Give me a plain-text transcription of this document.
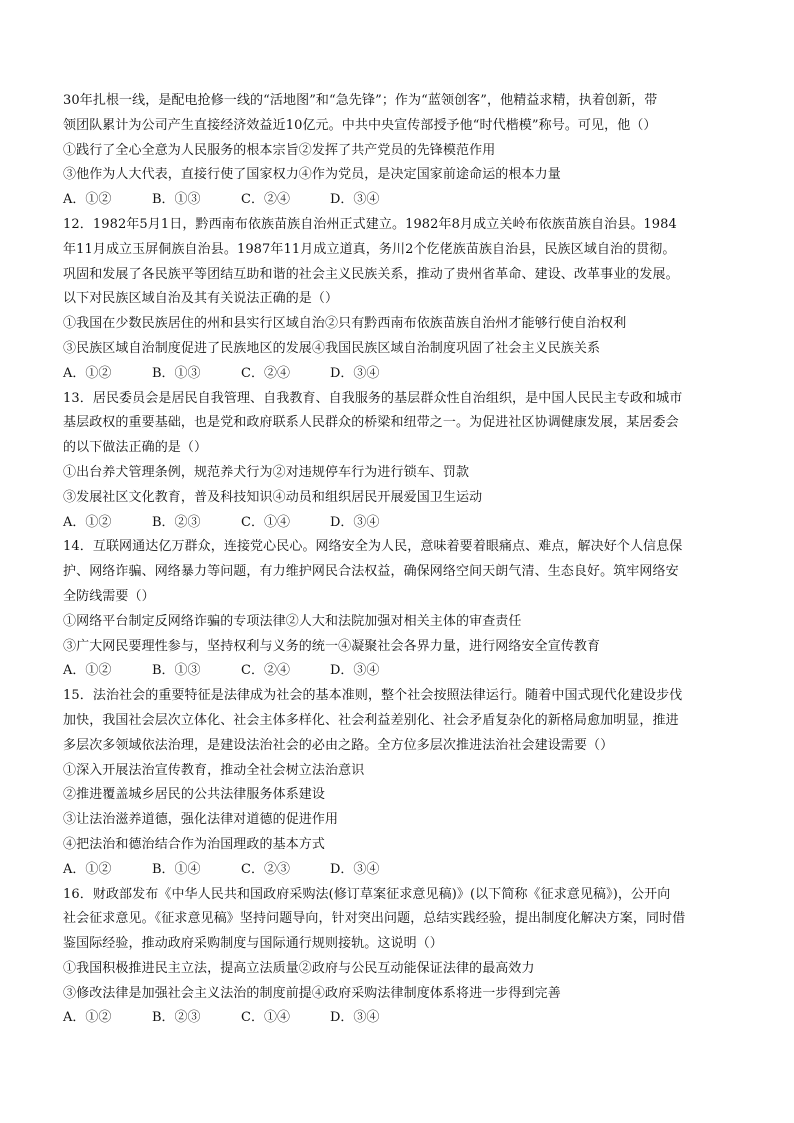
30年扎根一线，是配电抢修一线的“活地图”和“急先锋”；作为“蓝领创客”，他精益求精，执着创新，带
领团队累计为公司产生直接经济效益近10亿元。中共中央宣传部授予他“时代楷模”称号。可见，他（）
①践行了全心全意为人民服务的根本宗旨②发挥了共产党员的先锋模范作用
③他作为人大代表，直接行使了国家权力④作为党员，是决定国家前途命运的根本力量
A．①②	B．①③	C．②④	D．③④
12．1982年5月1日，黔西南布依族苗族自治州正式建立。1982年8月成立关岭布依族苗族自治县。1984
年11月成立玉屏侗族自治县。1987年11月成立道真，务川2个仡佬族苗族自治县，民族区域自治的贯彻。
巩固和发展了各民族平等团结互助和谐的社会主义民族关系，推动了贵州省革命、建设、改革事业的发展。
以下对民族区域自治及其有关说法正确的是（）
①我国在少数民族居住的州和县实行区域自治②只有黔西南布依族苗族自治州才能够行使自治权利
③民族区域自治制度促进了民族地区的发展④我国民族区域自治制度巩固了社会主义民族关系
A．①②	B．①③	C．②④	D．③④
13．居民委员会是居民自我管理、自我教育、自我服务的基层群众性自治组织，是中国人民民主专政和城市
基层政权的重要基础，也是党和政府联系人民群众的桥梁和纽带之一。为促进社区协调健康发展，某居委会
的以下做法正确的是（）
①出台养犬管理条例，规范养犬行为②对违规停车行为进行锁车、罚款
③发展社区文化教育，普及科技知识④动员和组织居民开展爱国卫生运动
A．①②	B．②③	C．①④	D．③④
14．互联网通达亿万群众，连接党心民心。网络安全为人民，意味着要着眼痛点、难点，解决好个人信息保
护、网络诈骗、网络暴力等问题，有力维护网民合法权益，确保网络空间天朗气清、生态良好。筑牢网络安
全防线需要（）
①网络平台制定反网络诈骗的专项法律②人大和法院加强对相关主体的审查责任
③广大网民要理性参与，坚持权利与义务的统一④凝聚社会各界力量，进行网络安全宣传教育
A．①②	B．①③	C．②④	D．③④
15．法治社会的重要特征是法律成为社会的基本准则，整个社会按照法律运行。随着中国式现代化建设步伐
加快，我国社会层次立体化、社会主体多样化、社会利益差别化、社会矛盾复杂化的新格局愈加明显，推进
多层次多领域依法治理，是建设法治社会的必由之路。全方位多层次推进法治社会建设需要（）
①深入开展法治宣传教育，推动全社会树立法治意识
②推进覆盖城乡居民的公共法律服务体系建设
③让法治滋养道德，强化法律对道德的促进作用
④把法治和德治结合作为治国理政的基本方式
A．①②	B．①④	C．②③	D．③④
16．财政部发布《中华人民共和国政府采购法(修订草案征求意见稿)》(以下简称《征求意见稿》)，公开向
社会征求意见。《征求意见稿》坚持问题导向，针对突出问题，总结实践经验，提出制度化解决方案，同时借
鉴国际经验，推动政府采购制度与国际通行规则接轨。这说明（）
①我国积极推进民主立法，提高立法质量②政府与公民互动能保证法律的最高效力
③修改法律是加强社会主义法治的制度前提④政府采购法律制度体系将进一步得到完善
A．①②	B．②③	C．①④	D．③④
